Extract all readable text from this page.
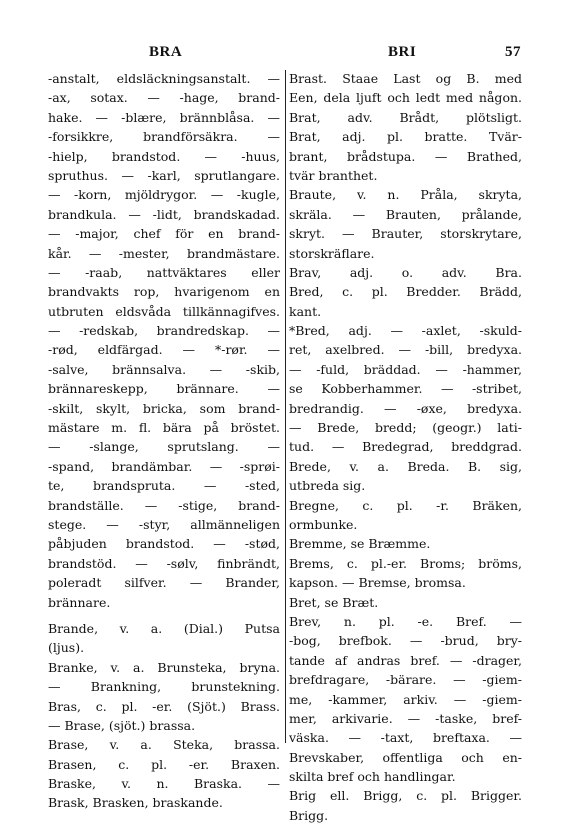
BRA	BRI	57
-anstalt, eldsläckningsanstalt. —
-ax, sotax. — -hage, brand-
hake. — -blære, brännblåsa. —
-forsikkre, brandförsäkra. —
-hielp, brandstod. — -huus,
spruthus. — -karl, sprutlangare.
— -korn, mjöldrygor. — -kugle,
brandkula. — -lidt, brandskadad.
— -major, chef för en brand-
kår. — -mester, brandmästare.
— -raab, nattväktares eller
brandvakts rop, hvarigenom en
utbruten eldsvåda tillkännagifves.
— -redskab, brandredskap. —
-rød, eldfärgad. — *-rør. —
-salve, brännsalva. — -skib,
brännareskepp, brännare. —
-skilt, skylt, bricka, som brand-
mästare m. fl. bära på bröstet.
— -slange, sprutslang. —
-spand, brandämbar. — -sprøi-
te, brandspruta. — -sted,
brandställe. — -stige, brand-
stege. — -styr, allmänneligen
påbjuden brandstod. — -stød,
brandstöd. — -sølv, finbrändt,
poleradt silfver. — Brander,
brännare.
Brande, v. a. (Dial.) Putsa
(ljus).
Branke, v. a. Brunsteka, bryna.
— Brankning, brunstekning.
Bras, c. pl. -er. (Sjöt.) Brass.
— Brase, (sjöt.) brassa.
Brase, v. a. Steka, brassa.
Brasen, c. pl. -er. Braxen.
Braske, v. n. Braska. —
Brask, Brasken, braskande.
Brast. Staae Last og B. med
Een, dela ljuft och ledt med någon.
Brat, adv. Brådt, plötsligt.
Brat, adj. pl. bratte. Tvär-
brant, brådstupa. — Brathed,
tvär branthet.
Braute, v. n. Pråla, skryta,
skräla. — Brauten, prålande,
skryt. — Brauter, storskrytare,
storskräflare.
Brav, adj. o. adv. Bra.
Bred, c. pl. Bredder. Brädd,
kant.
*Bred, adj. — -axlet, -skuld-
ret, axelbred. — -bill, bredyxa.
— -fuld, bräddad. — -hammer,
se Kobberhammer. — -stribet,
bredrandig. — -øxe, bredyxa.
— Brede, bredd; (geogr.) lati-
tud. — Bredegrad, breddgrad.
Brede, v. a. Breda. B. sig,
utbreda sig.
Bregne, c. pl. -r. Bräken,
ormbunke.
Bremme, se Bræmme.
Brems, c. pl.-er. Broms; bröms,
kapson. — Bremse, bromsa.
Bret, se Bræt.
Brev, n. pl. -e. Bref. —
-bog, brefbok. — -brud, bry-
tande af andras bref. — -drager,
brefdragare, -bärare. — -giem-
me, -kammer, arkiv. — -giem-
mer, arkivarie. — -taske, bref-
väska. — -taxt, breftaxa. —
Brevskaber, offentliga och en-
skilta bref och handlingar.
Brig ell. Brigg, c. pl. Brigger.
Brigg.
